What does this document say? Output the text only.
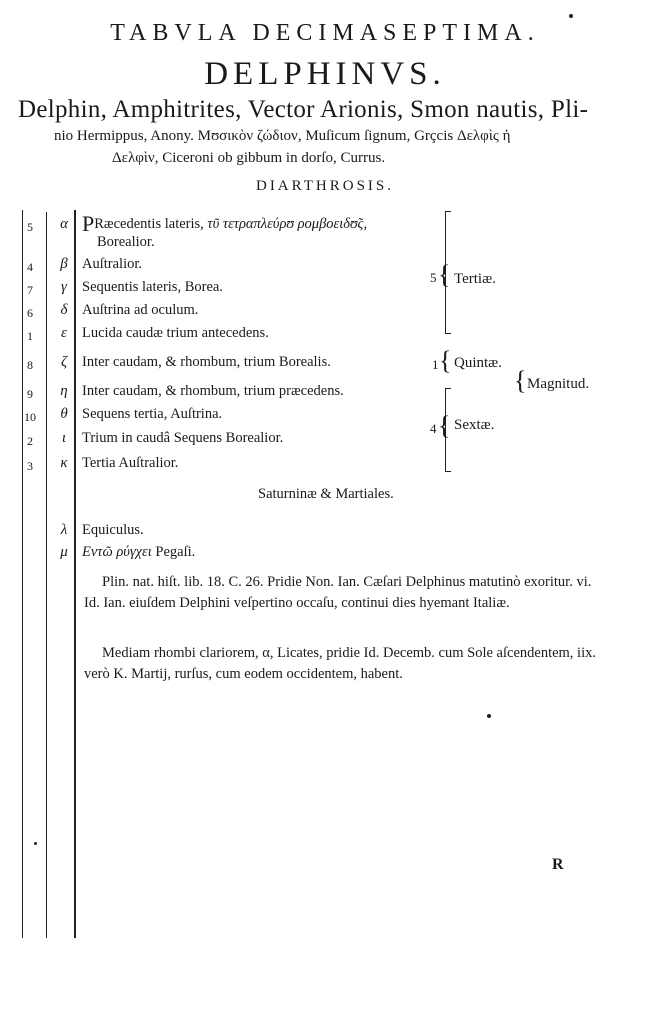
TABVLA DECIMASEPTIMA.
DELPHINVS.
Delphin, Amphitrites, Vector Arionis, Smon nautis, Pli-
nio Hermippus, Anony. Μʊσικὸν ζώδιον, Muſicum ſignum, Grçcis Δελφὶς ἡ
Δελφὶν, Ciceroni ob gibbum in dorſo, Currus.
DIARTHROSIS.
5	α PRæcedentis lateris, τῦ τετραπλεύρʊ ρομβοειδʊ̃ς,
Borealior.
4	β Auſtralior.
7	γ	Sequentis lateris, Borea.
6	δ	Auſtrina ad oculum.
1	ε	Lucida caudæ trium antecedens.
8	ζ	Inter caudam, & rhombum, trium Borealis.
9	η Inter caudam, & rhombum, trium præcedens.
10	θ Sequens tertia, Auſtrina.
2	ι	Trium in caudâ Sequens Borealior.
3	κ Tertia Auſtralior.
5 { Tertiæ.
1 { Quintæ.
4 { Sextæ.
{ Magnitud.
Saturninæ & Martiales.
λ	Equiculus.
μ Εντῶ ρύγχει Pegaſi.
Plin. nat. hiſt. lib. 18. C. 26. Pridie Non. Ian. Cæſari Delphinus matutinò exoritur. vi. Id. Ian. eiuſdem Delphini veſpertino occaſu, continui dies hyemant Italiæ.
Mediam rhombi clariorem, α, Licates, pridie Id. Decemb. cum Sole aſcendentem, iix. verò K. Martij, rurſus, cum eodem occidentem, habent.
R
